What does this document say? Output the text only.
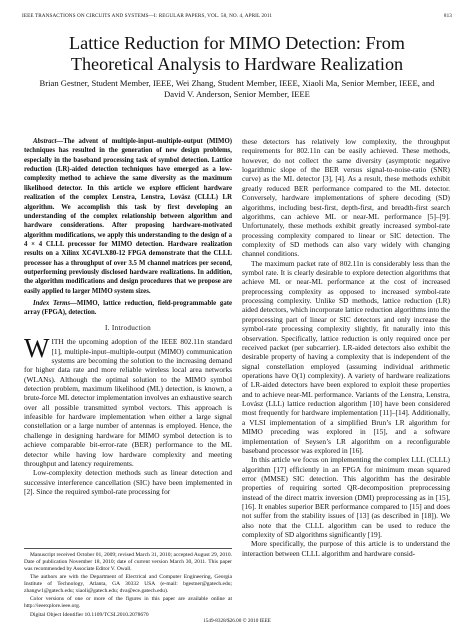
IEEE TRANSACTIONS ON CIRCUITS AND SYSTEMS—I: REGULAR PAPERS, VOL. 58, NO. 4, APRIL 2011	813
Lattice Reduction for MIMO Detection: From
Theoretical Analysis to Hardware Realization
Brian Gestner, Student Member, IEEE, Wei Zhang, Student Member, IEEE, Xiaoli Ma, Senior Member, IEEE, and
David V. Anderson, Senior Member, IEEE

Abstract—The advent of multiple-input–multiple-output (MIMO) techniques has resulted in the generation of new design problems, especially in the baseband processing task of symbol detection. Lattice reduction (LR)-aided detection techniques have emerged as a low-complexity method to achieve the same diversity as the maximum likelihood detector. In this article we explore efficient hardware realization of the complex Lenstra, Lenstra, Lovász (CLLL) LR algorithm. We accomplish this task by first developing an understanding of the complex relationship between algorithm and hardware considerations. After proposing hardware-motivated algorithm modifications, we apply this understanding to the design of a 4 × 4 CLLL processor for MIMO detection. Hardware realization results on a Xilinx XC4VLX80-12 FPGA demonstrate that the CLLL processor has a throughput of over 3.5 M channel matrices per second, outperforming previously disclosed hardware realizations. In addition, the algorithm modifications and design procedures that we propose are easily applied to larger MIMO system sizes.

Index Terms—MIMO, lattice reduction, field-programmable gate array (FPGA), detection.

I. Introduction

WITH the upcoming adoption of the IEEE 802.11n standard [1], multiple-input–multiple-output (MIMO) communication systems are becoming the solution to the increasing demand for higher data rate and more reliable wireless local area networks (WLANs). Although the optimal solution to the MIMO symbol detection problem, maximum likelihood (ML) detection, is known, a brute-force ML detector implementation involves an exhaustive search over all possible transmitted symbol vectors. This approach is infeasible for hardware implementation when either a large signal constellation or a large number of antennas is employed. Hence, the challenge in designing hardware for MIMO symbol detection is to achieve comparable bit-error-rate (BER) performance to the ML detector while having low hardware complexity and meeting throughput and latency requirements.

Low-complexity detection methods such as linear detection and successive interference cancellation (SIC) have been implemented in [2]. Since the required symbol-rate processing for

these detectors has relatively low complexity, the throughput requirements for 802.11n can be easily achieved. These methods, however, do not collect the same diversity (asymptotic negative logarithmic slope of the BER versus signal-to-noise-ratio (SNR) curve) as the ML detector [3], [4]. As a result, these methods exhibit greatly reduced BER performance compared to the ML detector. Conversely, hardware implementations of sphere decoding (SD) algorithms, including best-first, depth-first, and breadth-first search algorithms, can achieve ML or near-ML performance [5]–[9]. Unfortunately, these methods exhibit greatly increased symbol-rate processing complexity compared to linear or SIC detection. The complexity of SD methods can also vary widely with changing channel conditions.

The maximum packet rate of 802.11n is considerably less than the symbol rate. It is clearly desirable to explore detection algorithms that achieve ML or near-ML performance at the cost of increased preprocessing complexity as opposed to increased symbol-rate processing complexity. Unlike SD methods, lattice reduction (LR) aided detectors, which incorporate lattice reduction algorithms into the preprocessing part of linear or SIC detectors and only increase the symbol-rate processing complexity slightly, fit naturally into this observation. Specifically, lattice reduction is only required once per received packet (per subcarrier). LR-aided detectors also exhibit the desirable property of having a complexity that is independent of the signal constellation employed (assuming individual arithmetic operations have O(1) complexity). A variety of hardware realizations of LR-aided detectors have been explored to exploit these properties and to achieve near-ML performance. Variants of the Lenstra, Lenstra, Lovász (LLL) lattice reduction algorithm [10] have been considered most frequently for hardware implementation [11]–[14]. Additionally, a VLSI implementation of a simplified Brun’s LR algorithm for MIMO preceding was explored in [15], and a software implementation of Seysen’s LR algorithm on a reconfigurable baseband processor was explored in [16].

In this article we focus on implementing the complex LLL (CLLL) algorithm [17] efficiently in an FPGA for minimum mean squared error (MMSE) SIC detection. This algorithm has the desirable properties of requiring sorted QR-decomposition preprocessing instead of the direct matrix inversion (DMI) preprocessing as in [15], [16]. It enables superior BER performance compared to [15] and does not suffer from the stability issues of [13] (as described in [18]). We also note that the CLLL algorithm can be used to reduce the complexity of SD algorithms significantly [19].

More specifically, the purpose of this article is to understand the interaction between CLLL algorithm and hardware consid-

Manuscript received October 01, 2009; revised March 31, 2010; accepted August 29, 2010. Date of publication November 18, 2010; date of current version March 30, 2011. This paper was recommended by Associate Editor V. Owall.

The authors are with the Department of Electrical and Computer Engineering, Georgia Institute of Technology, Atlanta, GA 30332 USA (e-mail: bgestner@gatech.edu; zhangw1@gatech.edu; xiaoli@gatech.edu; dva@ece.gatech.edu).

Color versions of one or more of the figures in this paper are available online at http://ieeexplore.ieee.org.

Digital Object Identifier 10.1109/TCSI.2010.2078670

1549-8328/$26.00 © 2010 IEEE
